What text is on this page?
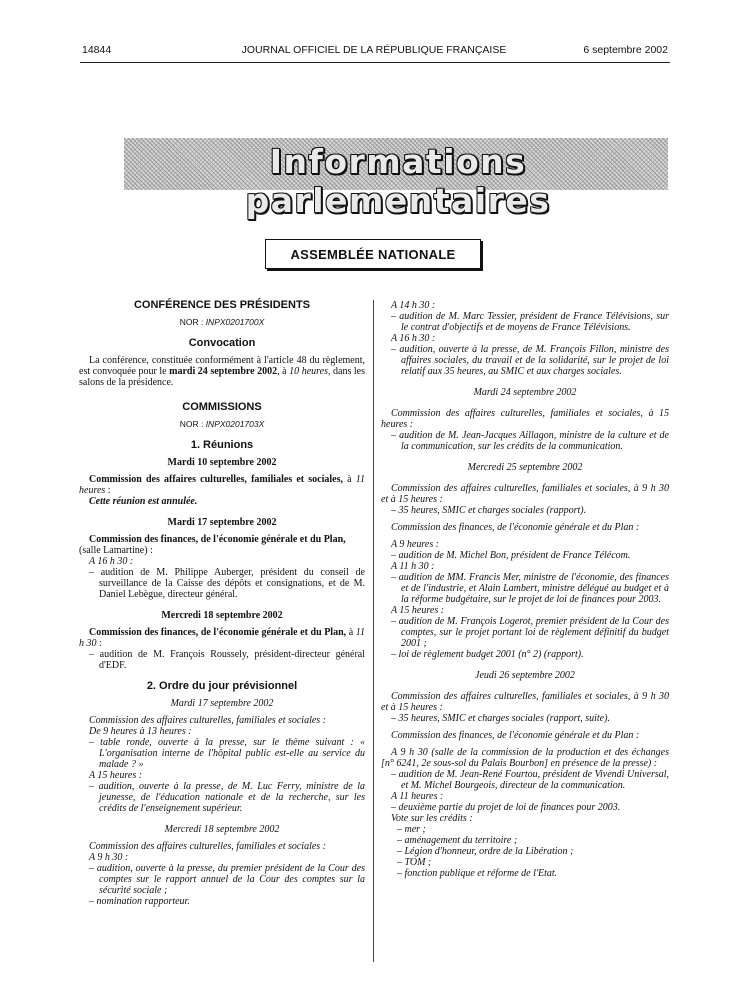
14844	JOURNAL OFFICIEL DE LA RÉPUBLIQUE FRANÇAISE	6 septembre 2002
Informations parlementaires
ASSEMBLÉE NATIONALE

CONFÉRENCE DES PRÉSIDENTS

NOR : INPX0201700X

Convocation

La conférence, constituée conformément à l'article 48 du règlement, est convoquée pour le mardi 24 septembre 2002, à 10 heures, dans les salons de la présidence.

COMMISSIONS

NOR : INPX0201703X

1. Réunions

Mardi 10 septembre 2002

Commission des affaires culturelles, familiales et sociales, à 11 heures :

Cette réunion est annulée.

Mardi 17 septembre 2002

Commission des finances, de l'économie générale et du Plan,

(salle Lamartine) :

A 16 h 30 :

– audition de M. Philippe Auberger, président du conseil de surveillance de la Caisse des dépôts et consignations, et de M. Daniel Lebègue, directeur général.

Mercredi 18 septembre 2002

Commission des finances, de l'économie générale et du Plan, à 11 h 30 :

– audition de M. François Roussely, président-directeur général d'EDF.

2. Ordre du jour prévisionnel

Mardi 17 septembre 2002

Commission des affaires culturelles, familiales et sociales :

De 9 heures à 13 heures :

– table ronde, ouverte à la presse, sur le thème suivant : « L'organisation interne de l'hôpital public est-elle au service du malade ? »

A 15 heures :

– audition, ouverte à la presse, de M. Luc Ferry, ministre de la jeunesse, de l'éducation nationale et de la recherche, sur les crédits de l'enseignement supérieur.

Mercredi 18 septembre 2002

Commission des affaires culturelles, familiales et sociales :

A 9 h 30 :

– audition, ouverte à la presse, du premier président de la Cour des comptes sur le rapport annuel de la Cour des comptes sur la sécurité sociale ;

– nomination rapporteur.

A 14 h 30 :

– audition de M. Marc Tessier, président de France Télévisions, sur le contrat d'objectifs et de moyens de France Télévisions.

A 16 h 30 :

– audition, ouverte à la presse, de M. François Fillon, ministre des affaires sociales, du travail et de la solidarité, sur le projet de loi relatif aux 35 heures, au SMIC et aux charges sociales.

Mardi 24 septembre 2002

Commission des affaires culturelles, familiales et sociales, à 15 heures :

– audition de M. Jean-Jacques Aillagon, ministre de la culture et de la communication, sur les crédits de la communication.

Mercredi 25 septembre 2002

Commission des affaires culturelles, familiales et sociales, à 9 h 30 et à 15 heures :

– 35 heures, SMIC et charges sociales (rapport).

Commission des finances, de l'économie générale et du Plan :

A 9 heures :

– audition de M. Michel Bon, président de France Télécom.

A 11 h 30 :

– audition de MM. Francis Mer, ministre de l'économie, des finances et de l'industrie, et Alain Lambert, ministre délégué au budget et à la réforme budgétaire, sur le projet de loi de finances pour 2003.

A 15 heures :

– audition de M. François Logerot, premier président de la Cour des comptes, sur le projet portant loi de règlement définitif du budget 2001 ;

– loi de règlement budget 2001 (n° 2) (rapport).

Jeudi 26 septembre 2002

Commission des affaires culturelles, familiales et sociales, à 9 h 30 et à 15 heures :

– 35 heures, SMIC et charges sociales (rapport, suite).

Commission des finances, de l'économie générale et du Plan :

A 9 h 30 (salle de la commission de la production et des échanges [n° 6241, 2e sous-sol du Palais Bourbon] en présence de la presse) :

– audition de M. Jean-René Fourtou, président de Vivendi Universal, et M. Michel Bourgeois, directeur de la communication.

A 11 heures :

– deuxième partie du projet de loi de finances pour 2003.

Vote sur les crédits :

– mer ;

– aménagement du territoire ;

– Légion d'honneur, ordre de la Libération ;

– TOM ;

– fonction publique et réforme de l'Etat.
